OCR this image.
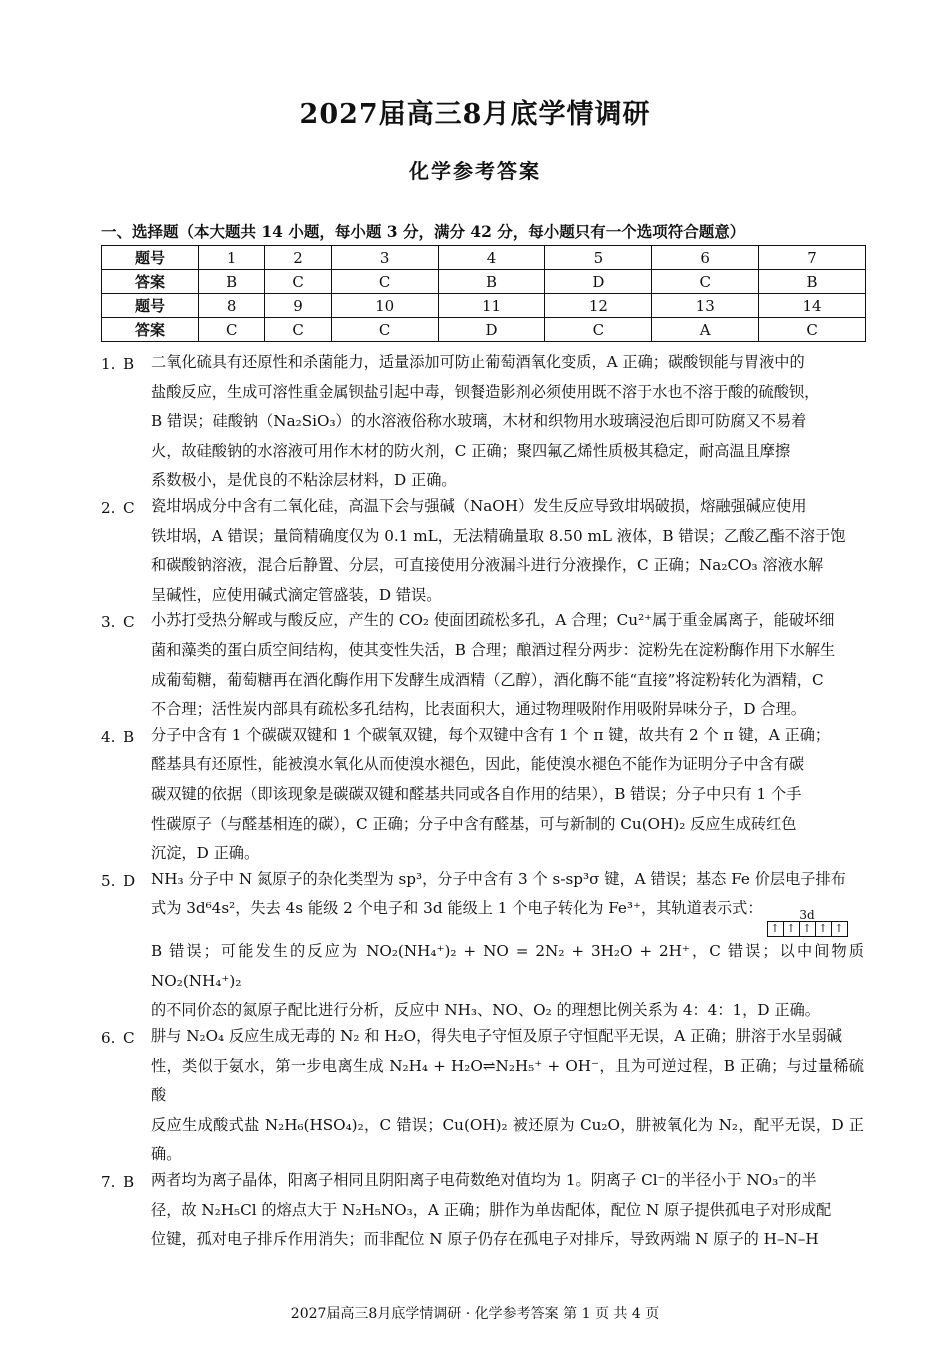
2027届高三8月底学情调研
化学参考答案
一、选择题（本大题共 14 小题，每小题 3 分，满分 42 分，每小题只有一个选项符合题意）
题号	1	2	3	4	5	6	7
答案	B	C	C	B	D	C	B
题号	8	9	10	11	12	13	14
答案	C	C	C	D	C	A	C
1. B	二氧化硫具有还原性和杀菌能力，适量添加可防止葡萄酒氧化变质，A 正确；碳酸钡能与胃液中的
盐酸反应，生成可溶性重金属钡盐引起中毒，钡餐造影剂必须使用既不溶于水也不溶于酸的硫酸钡，
B 错误；硅酸钠（Na₂SiO₃）的水溶液俗称水玻璃，木材和织物用水玻璃浸泡后即可防腐又不易着
火，故硅酸钠的水溶液可用作木材的防火剂，C 正确；聚四氟乙烯性质极其稳定，耐高温且摩擦
系数极小，是优良的不粘涂层材料，D 正确。
2. C	瓷坩埚成分中含有二氧化硅，高温下会与强碱（NaOH）发生反应导致坩埚破损，熔融强碱应使用
铁坩埚，A 错误；量筒精确度仅为 0.1 mL，无法精确量取 8.50 mL 液体，B 错误；乙酸乙酯不溶于饱
和碳酸钠溶液，混合后静置、分层，可直接使用分液漏斗进行分液操作，C 正确；Na₂CO₃ 溶液水解
呈碱性，应使用碱式滴定管盛装，D 错误。
3. C	小苏打受热分解或与酸反应，产生的 CO₂ 使面团疏松多孔，A 合理；Cu²⁺属于重金属离子，能破坏细
菌和藻类的蛋白质空间结构，使其变性失活，B 合理；酿酒过程分两步：淀粉先在淀粉酶作用下水解生
成葡萄糖，葡萄糖再在酒化酶作用下发酵生成酒精（乙醇），酒化酶不能“直接”将淀粉转化为酒精，C
不合理；活性炭内部具有疏松多孔结构，比表面积大，通过物理吸附作用吸附异味分子，D 合理。
4. B	分子中含有 1 个碳碳双键和 1 个碳氧双键，每个双键中含有 1 个 π 键，故共有 2 个 π 键，A 正确；
醛基具有还原性，能被溴水氧化从而使溴水褪色，因此，能使溴水褪色不能作为证明分子中含有碳
碳双键的依据（即该现象是碳碳双键和醛基共同或各自作用的结果），B 错误；分子中只有 1 个手
性碳原子（与醛基相连的碳），C 正确；分子中含有醛基，可与新制的 Cu(OH)₂ 反应生成砖红色
沉淀，D 正确。
5. D	NH₃ 分子中 N 氮原子的杂化类型为 sp³，分子中含有 3 个 s-sp³σ 键，A 错误；基态 Fe 价层电子排布
式为 3d⁶4s²，失去 4s 能级 2 个电子和 3d 能级上 1 个电子转化为 Fe³⁺，其轨道表示式：	3d
↑ ↑ ↑ ↑ ↑
B 错误；可能发生的反应为 NO₂(NH₄⁺)₂ + NO = 2N₂ + 3H₂O + 2H⁺，C 错误；以中间物质 NO₂(NH₄⁺)₂
的不同价态的氮原子配比进行分析，反应中 NH₃、NO、O₂ 的理想比例关系为 4：4：1，D 正确。
6. C	肼与 N₂O₄ 反应生成无毒的 N₂ 和 H₂O，得失电子守恒及原子守恒配平无误，A 正确；肼溶于水呈弱碱
性，类似于氨水，第一步电离生成 N₂H₄ + H₂O⇌N₂H₅⁺ + OH⁻，且为可逆过程，B 正确；与过量稀硫酸
反应生成酸式盐 N₂H₆(HSO₄)₂，C 错误；Cu(OH)₂ 被还原为 Cu₂O，肼被氧化为 N₂，配平无误，D 正确。
7. B	两者均为离子晶体，阳离子相同且阴阳离子电荷数绝对值均为 1。阴离子 Cl⁻的半径小于 NO₃⁻的半
径，故 N₂H₅Cl 的熔点大于 N₂H₅NO₃，A 正确；肼作为单齿配体，配位 N 原子提供孤电子对形成配
位键，孤对电子排斥作用消失；而非配位 N 原子仍存在孤电子对排斥，导致两端 N 原子的 H–N–H
2027届高三8月底学情调研 · 化学参考答案 第 1 页 共 4 页
